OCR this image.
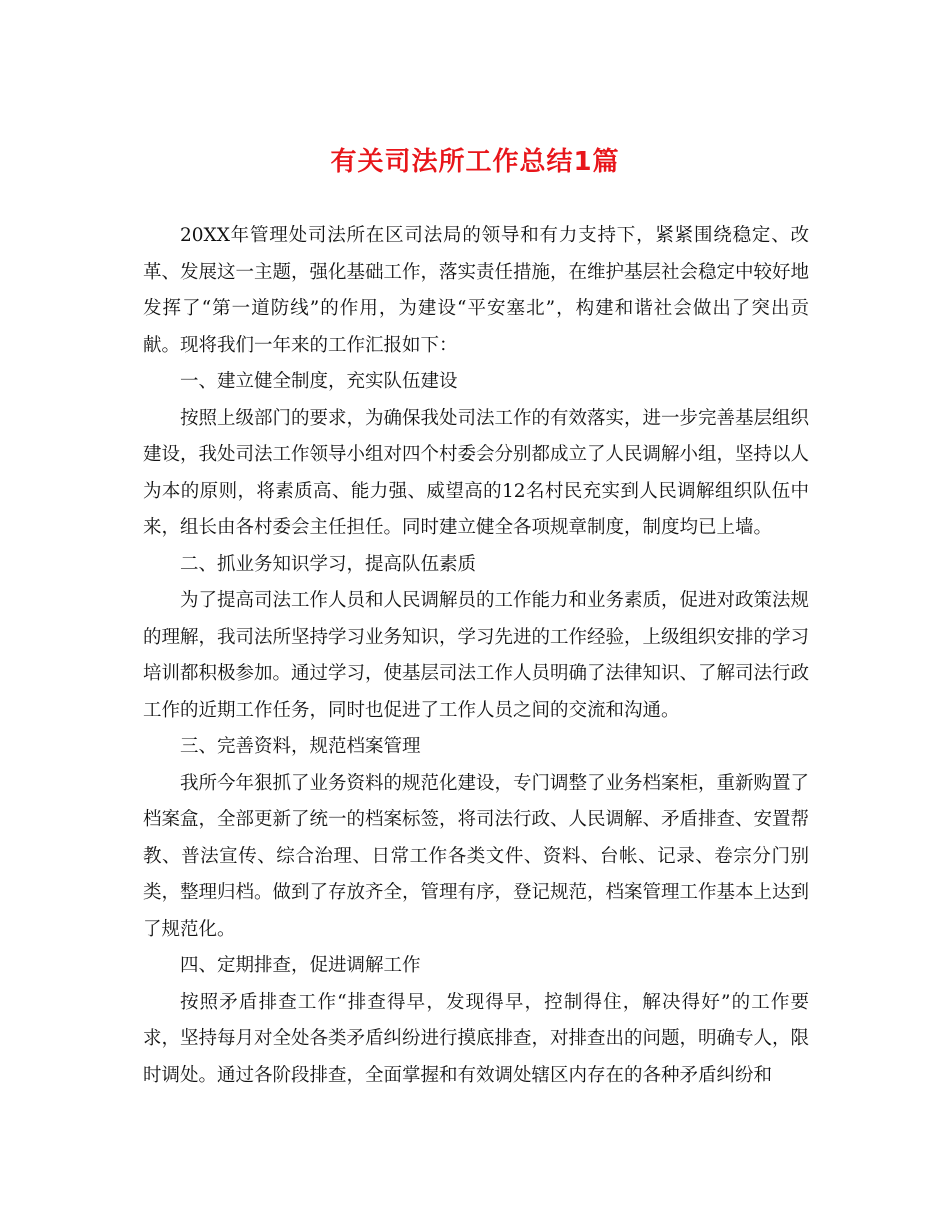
有关司法所工作总结1篇

20XX年管理处司法所在区司法局的领导和有力支持下，紧紧围绕稳定、改革、发展这一主题，强化基础工作，落实责任措施，在维护基层社会稳定中较好地发挥了“第一道防线”的作用，为建设“平安塞北”，构建和谐社会做出了突出贡献。现将我们一年来的工作汇报如下：

一、建立健全制度，充实队伍建设

按照上级部门的要求，为确保我处司法工作的有效落实，进一步完善基层组织建设，我处司法工作领导小组对四个村委会分别都成立了人民调解小组，坚持以人为本的原则，将素质高、能力强、威望高的12名村民充实到人民调解组织队伍中来，组长由各村委会主任担任。同时建立健全各项规章制度，制度均已上墙。

二、抓业务知识学习，提高队伍素质

为了提高司法工作人员和人民调解员的工作能力和业务素质，促进对政策法规的理解，我司法所坚持学习业务知识，学习先进的工作经验，上级组织安排的学习培训都积极参加。通过学习，使基层司法工作人员明确了法律知识、了解司法行政工作的近期工作任务，同时也促进了工作人员之间的交流和沟通。

三、完善资料，规范档案管理

我所今年狠抓了业务资料的规范化建设，专门调整了业务档案柜，重新购置了档案盒，全部更新了统一的档案标签，将司法行政、人民调解、矛盾排查、安置帮教、普法宣传、综合治理、日常工作各类文件、资料、台帐、记录、卷宗分门别类，整理归档。做到了存放齐全，管理有序，登记规范，档案管理工作基本上达到了规范化。

四、定期排查，促进调解工作

按照矛盾排查工作“排查得早，发现得早，控制得住，解决得好”的工作要求，坚持每月对全处各类矛盾纠纷进行摸底排查，对排查出的问题，明确专人，限时调处。通过各阶段排查，全面掌握和有效调处辖区内存在的各种矛盾纠纷和
